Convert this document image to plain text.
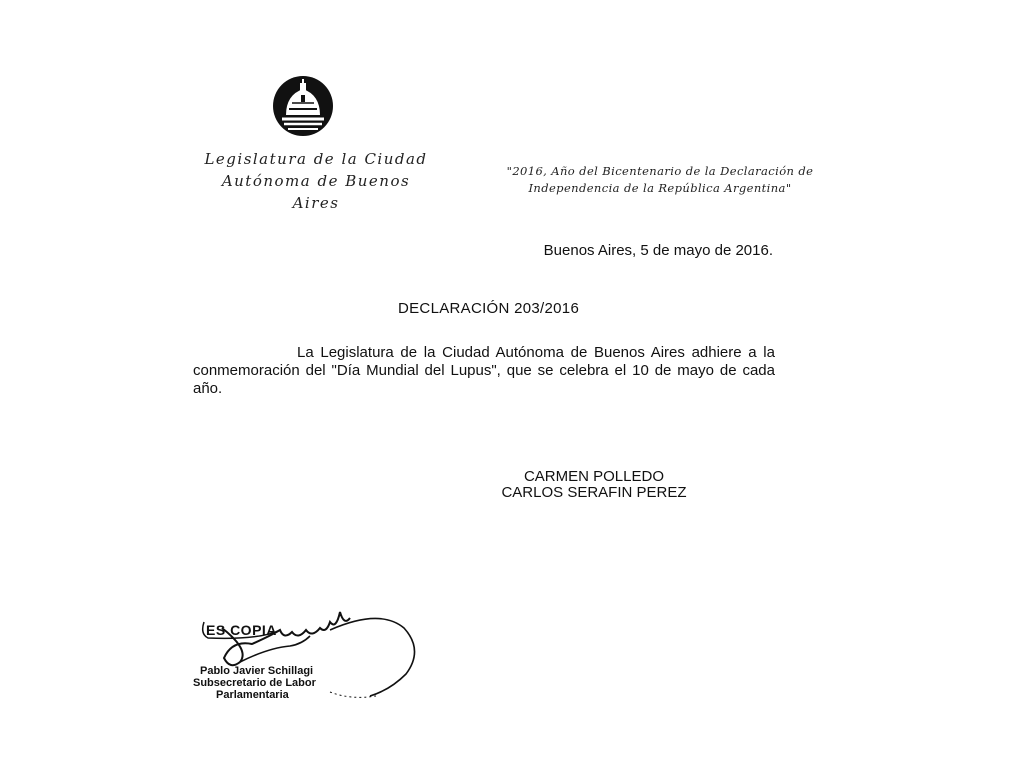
Legislatura de la Ciudad
Autónoma de Buenos Aires
"2016, Año del Bicentenario de la Declaración de
Independencia de la República Argentina"
Buenos Aires, 5 de mayo de 2016.
DECLARACIÓN 203/2016
La Legislatura de la Ciudad Autónoma de Buenos Aires adhiere a la conmemoración del "Día Mundial del Lupus", que se celebra el 10 de mayo de cada año.
CARMEN POLLEDO
CARLOS SERAFIN PEREZ
ES COPIA
Pablo Javier Schillagi
Subsecretario de Labor
Parlamentaria
